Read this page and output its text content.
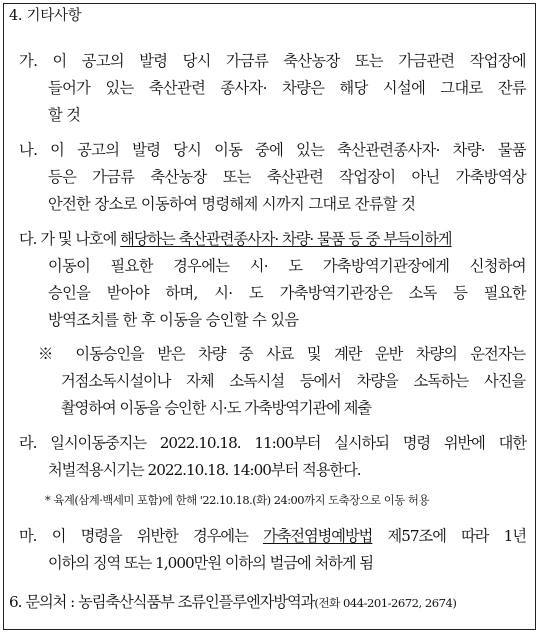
4. 기타사항
가. 이 공고의 발령 당시 가금류 축산농장 또는 가금관련 작업장에
들어가 있는 축산관련 종사자· 차량은 해당 시설에 그대로 잔류
할 것
나. 이 공고의 발령 당시 이동 중에 있는 축산관련종사자· 차량· 물품
등은 가금류 축산농장 또는 축산관련 작업장이 아닌 가축방역상
안전한 장소로 이동하여 명령해제 시까지 그대로 잔류할 것
다. 가 및 나호에 해당하는 축산관련종사자· 차량· 물품 등 중 부득이하게
이동이 필요한 경우에는 시· 도 가축방역기관장에게 신청하여
승인을 받아야 하며, 시· 도 가축방역기관장은 소독 등 필요한
방역조치를 한 후 이동을 승인할 수 있음
※ 이동승인을 받은 차량 중 사료 및 계란 운반 차량의 운전자는
거점소독시설이나 자체 소독시설 등에서 차량을 소독하는 사진을
촬영하여 이동을 승인한 시·도 가축방역기관에 제출
라. 일시이동중지는 2022.10.18. 11:00부터 실시하되 명령 위반에 대한
처벌적용시기는 2022.10.18. 14:00부터 적용한다.
* 육계(삼계·백세미 포함)에 한해 '22.10.18.(화) 24:00까지 도축장으로 이동 허용
마. 이 명령을 위반한 경우에는 가축전염병예방법 제57조에 따라 1년
이하의 징역 또는 1,000만원 이하의 벌금에 처하게 됨
6. 문의처 : 농림축산식품부 조류인플루엔자방역과(전화 044-201-2672, 2674)
